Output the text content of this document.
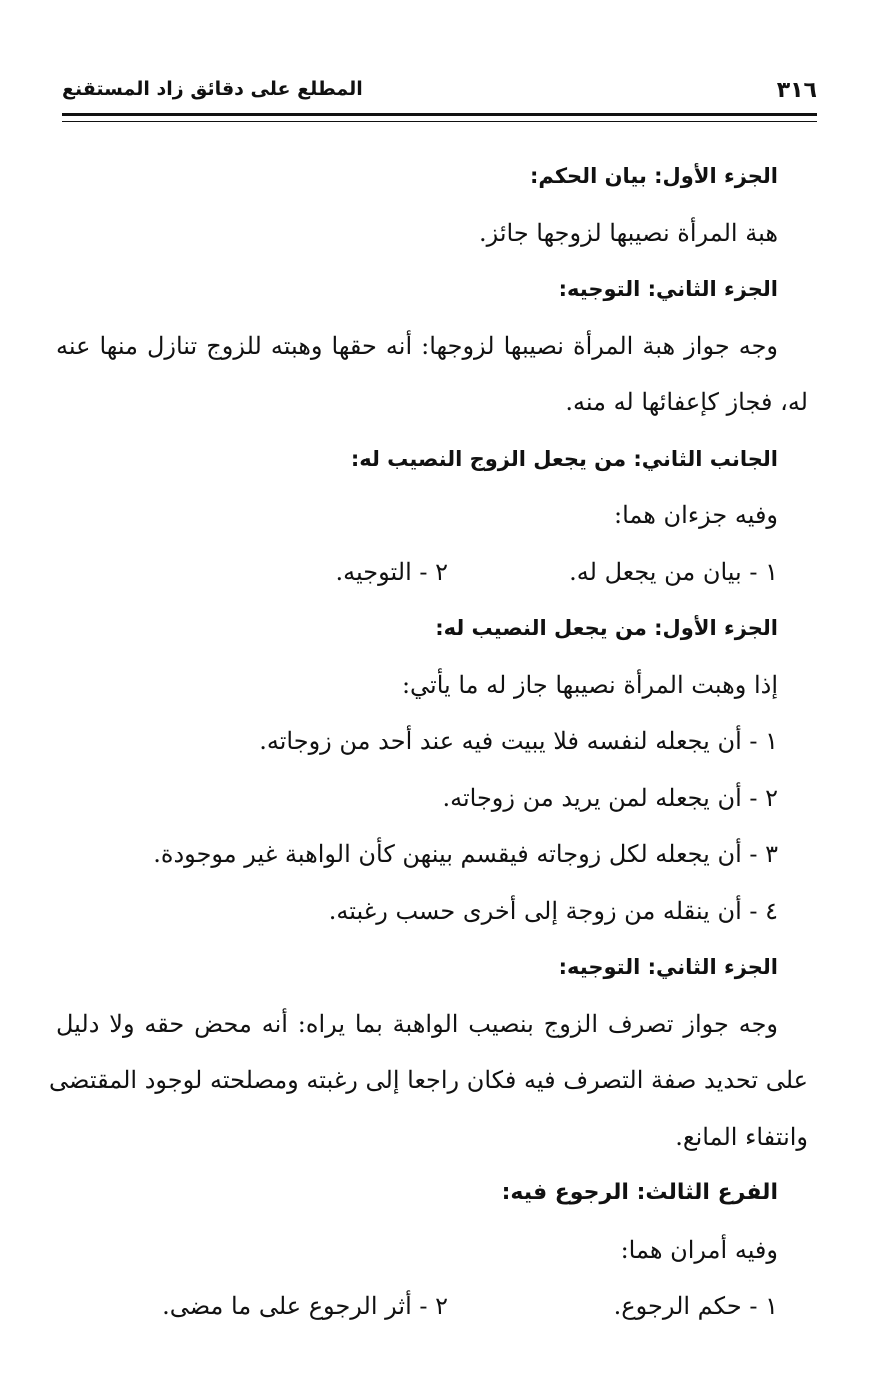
٣١٦
المطلع على دقائق زاد المستقنع
الجزء الأول: بيان الحكم:
هبة المرأة نصيبها لزوجها جائز.
الجزء الثاني: التوجيه:
وجه جواز هبة المرأة نصيبها لزوجها: أنه حقها وهبته للزوج تنازل منها عنه
له، فجاز كإعفائها له منه.
الجانب الثاني: من يجعل الزوج النصيب له:
وفيه جزءان هما:
١ - بيان من يجعل له.
٢ - التوجيه.
الجزء الأول: من يجعل النصيب له:
إذا وهبت المرأة نصيبها جاز له ما يأتي:
١ - أن يجعله لنفسه فلا يبيت فيه عند أحد من زوجاته.
٢ - أن يجعله لمن يريد من زوجاته.
٣ - أن يجعله لكل زوجاته فيقسم بينهن كأن الواهبة غير موجودة.
٤ - أن ينقله من زوجة إلى أخرى حسب رغبته.
الجزء الثاني: التوجيه:
وجه جواز تصرف الزوج بنصيب الواهبة بما يراه: أنه محض حقه ولا دليل
على تحديد صفة التصرف فيه فكان راجعا إلى رغبته ومصلحته لوجود المقتضى
وانتفاء المانع.
الفرع الثالث: الرجوع فيه:
وفيه أمران هما:
١ - حكم الرجوع.
٢ - أثر الرجوع على ما مضى.
